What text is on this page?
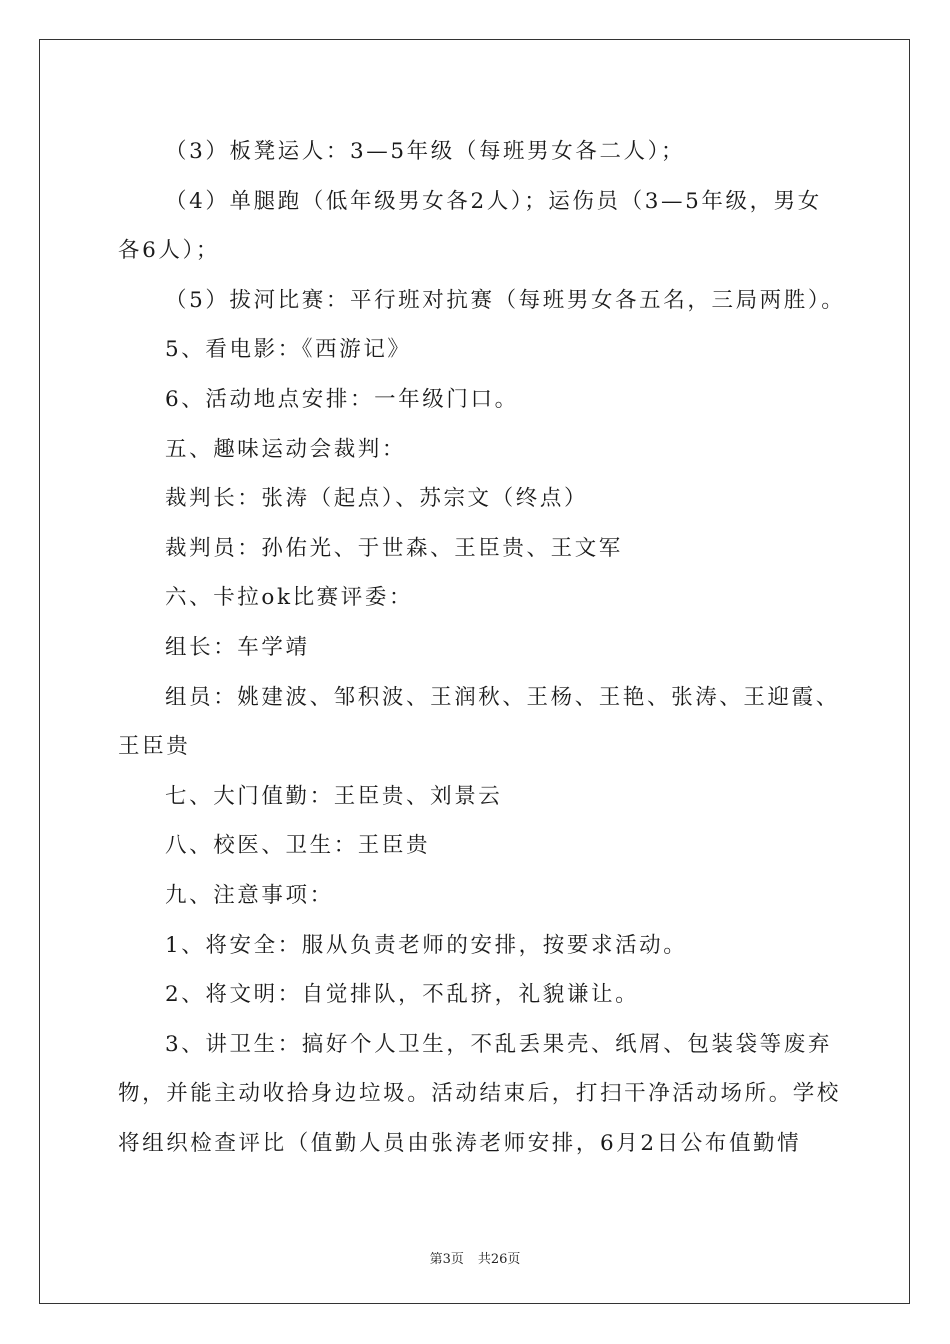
（3）板凳运人：3—5年级（每班男女各二人）；

（4）单腿跑（低年级男女各2人）；运伤员（3—5年级，男女

各6人）；

（5）拔河比赛：平行班对抗赛（每班男女各五名，三局两胜）。

5、看电影：《西游记》

6、活动地点安排：一年级门口。

五、趣味运动会裁判：

裁判长：张涛（起点）、苏宗文（终点）

裁判员：孙佑光、于世森、王臣贵、王文军

六、卡拉ok比赛评委：

组长：车学靖

组员：姚建波、邹积波、王润秋、王杨、王艳、张涛、王迎霞、

王臣贵

七、大门值勤：王臣贵、刘景云

八、校医、卫生：王臣贵

九、注意事项：

1、将安全：服从负责老师的安排，按要求活动。

2、将文明：自觉排队，不乱挤，礼貌谦让。

3、讲卫生：搞好个人卫生，不乱丢果壳、纸屑、包装袋等废弃

物，并能主动收拾身边垃圾。活动结束后，打扫干净活动场所。学校

将组织检查评比（值勤人员由张涛老师安排，6月2日公布值勤情

第3页 共26页
